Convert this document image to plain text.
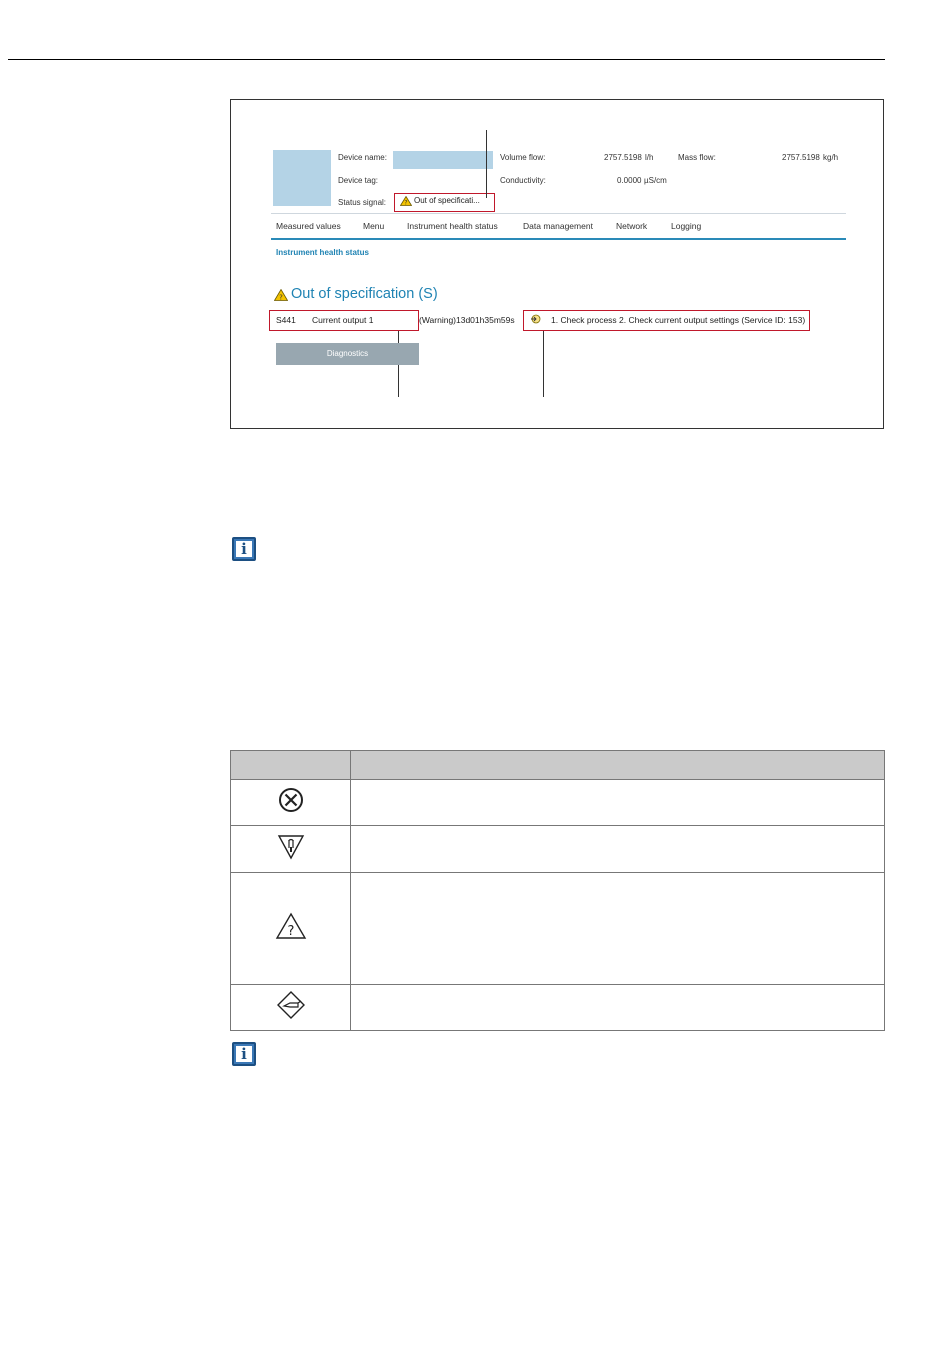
Device name:
Device tag:
Status signal:	? Out of specificati...
Volume flow:	2757.5198 l/h	Mass flow:	2757.5198 kg/h
Conductivity:	0.0000 µS/cm
Measured values	Menu	Instrument health status	Data management	Network	Logging
Instrument health status
? Out of specification (S)
S441 Current output 1	(Warning)13d01h35m59s	1. Check process 2. Check current output settings (Service ID: 153)
Diagnostics
i

?	

i
